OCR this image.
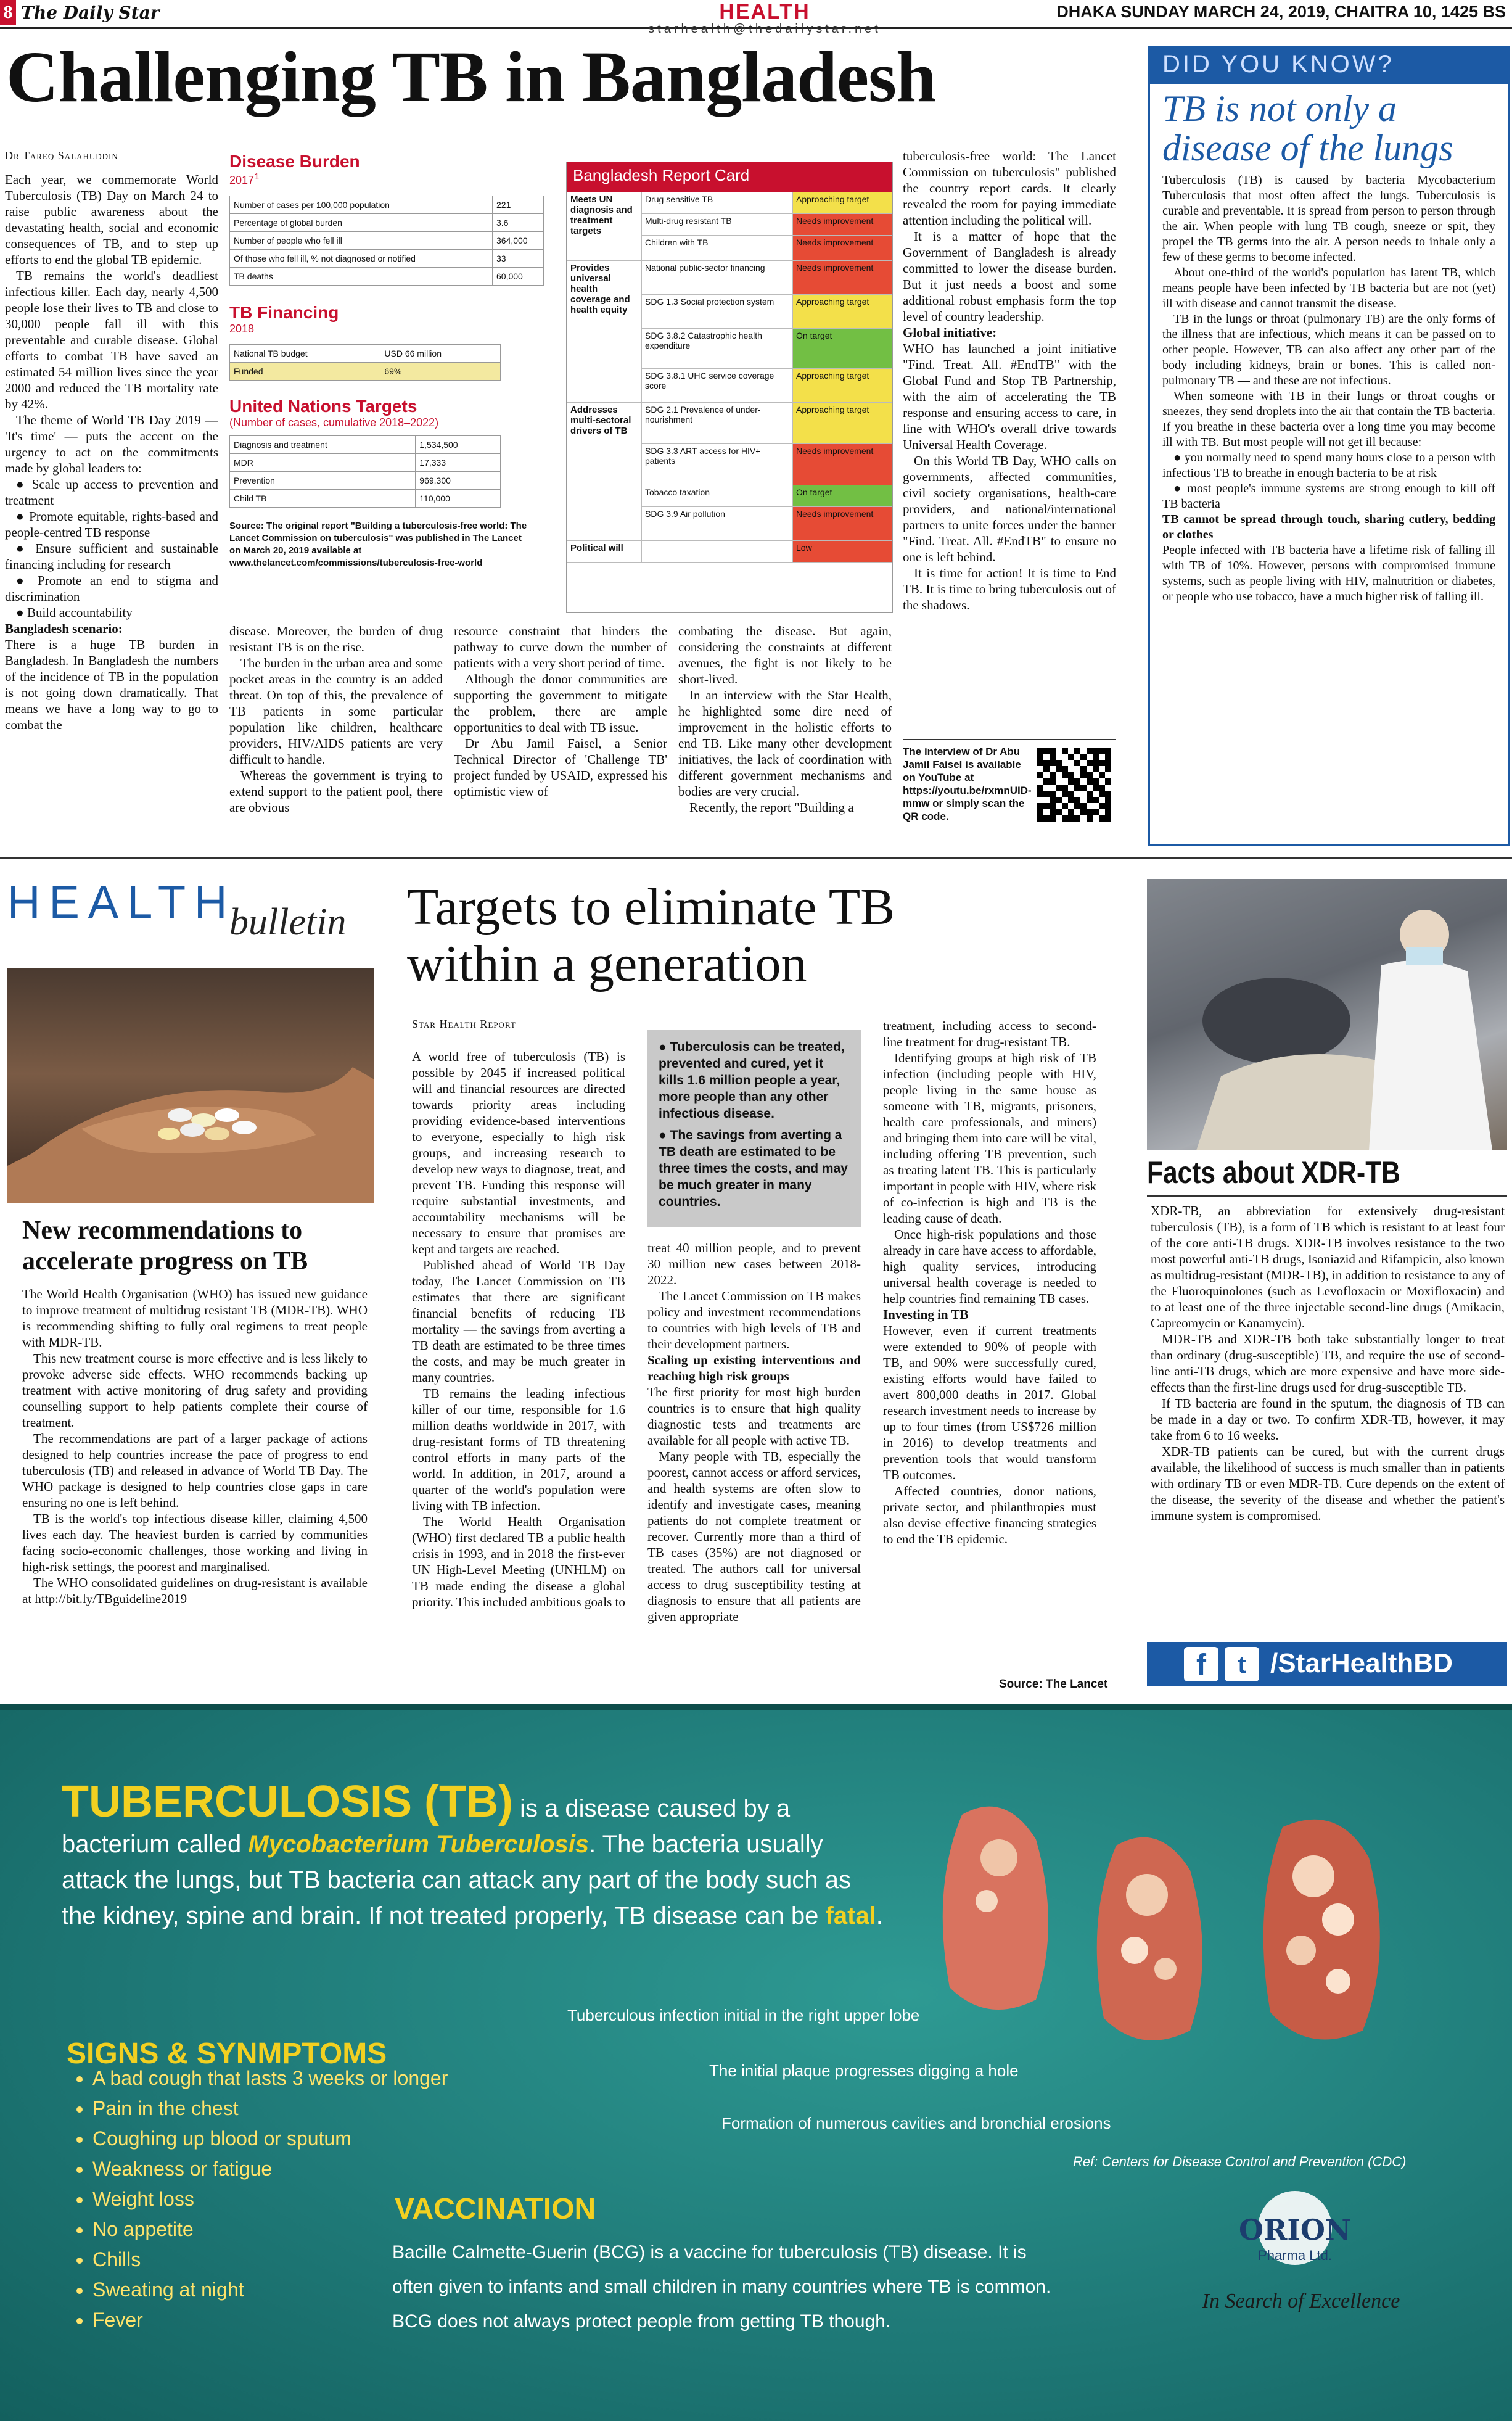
8 The Daily Star	HEALTH
starhealth@thedailystar.net
DHAKA SUNDAY MARCH 24, 2019, CHAITRA 10, 1425 BS
Challenging TB in Bangladesh
Dr Tareq Salahuddin

Each year, we commemorate World Tuberculosis (TB) Day on March 24 to raise public awareness about the devastating health, social and economic consequences of TB, and to step up efforts to end the global TB epidemic.

TB remains the world's deadliest infectious killer. Each day, nearly 4,500 people lose their lives to TB and close to 30,000 people fall ill with this preventable and curable disease. Global efforts to combat TB have saved an estimated 54 million lives since the year 2000 and reduced the TB mortality rate by 42%.

The theme of World TB Day 2019 — 'It's time' — puts the accent on the urgency to act on the commitments made by global leaders to:

● Scale up access to prevention and treatment

● Promote equitable, rights-based and people-centred TB response

● Ensure sufficient and sustainable financing including for research

● Promote an end to stigma and discrimination

● Build accountability

Bangladesh scenario:

There is a huge TB burden in Bangladesh. In Bangladesh the numbers of the incidence of TB in the population is not going down dramatically. That means we have a long way to go to combat the

Disease Burden
2017$^1$
Number of cases per 100,000 population	221
Percentage of global burden	3.6
Number of people who fell ill	364,000
Of those who fell ill, % not diagnosed or notified	33
TB deaths	60,000
TB Financing
2018
National TB budget	USD 66 million
Funded	69%
United Nations Targets
(Number of cases, cumulative 2018–2022)
Diagnosis and treatment	1,534,500
MDR	17,333
Prevention	969,300
Child TB	110,000
Source: The original report "Building a tuberculosis-free world: The Lancet Commission on tuberculosis" was published in The Lancet on March 20, 2019 available at www.thelancet.com/commissions/tuberculosis-free-world
Bangladesh Report Card
Meets UN diagnosis and treatment targets	Drug sensitive TB	Approaching target
	Multi-drug resistant TB	Needs improvement
	Children with TB	Needs improvement
Provides universal health coverage and health equity	National public-sector financing	Needs improvement
	SDG 1.3 Social protection system	Approaching target
	SDG 3.8.2 Catastrophic health expenditure	On target
	SDG 3.8.1 UHC service coverage score	Approaching target
Addresses multi-sectoral drivers of TB	SDG 2.1 Prevalence of under-nourishment	Approaching target
	SDG 3.3 ART access for HIV+ patients	Needs improvement
	Tobacco taxation	On target
	SDG 3.9 Air pollution	Needs improvement
Political will		Low

disease. Moreover, the burden of drug resistant TB is on the rise.

The burden in the urban area and some pocket areas in the country is an added threat. On top of this, the prevalence of TB patients in some particular population like children, healthcare providers, HIV/AIDS patients are very difficult to handle.

Whereas the government is trying to extend support to the patient pool, there are obvious

resource constraint that hinders the pathway to curve down the number of patients with a very short period of time.

Although the donor communities are supporting the government to mitigate the problem, there are ample opportunities to deal with TB issue.

Dr Abu Jamil Faisel, a Senior Technical Director of 'Challenge TB' project funded by USAID, expressed his optimistic view of

combating the disease. But again, considering the constraints at different avenues, the fight is not likely to be short-lived.

In an interview with the Star Health, he highlighted some dire need of improvement in the holistic efforts to end TB. Like many other development initiatives, the lack of coordination with different government mechanisms and bodies are very crucial.

Recently, the report "Building a

tuberculosis-free world: The Lancet Commission on tuberculosis" published the country report cards. It clearly revealed the room for paying immediate attention including the political will.

It is a matter of hope that the Government of Bangladesh is already committed to lower the disease burden. But it just needs a boost and some additional robust emphasis form the top level of country leadership.

Global initiative:

WHO has launched a joint initiative "Find. Treat. All. #EndTB" with the Global Fund and Stop TB Partnership, with the aim of accelerating the TB response and ensuring access to care, in line with WHO's overall drive towards Universal Health Coverage.

On this World TB Day, WHO calls on governments, affected communities, civil society organisations, health-care providers, and national/international partners to unite forces under the banner "Find. Treat. All. #EndTB" to ensure no one is left behind.

It is time for action! It is time to End TB. It is time to bring tuberculosis out of the shadows.

The interview of Dr Abu Jamil Faisel is available on YouTube at https://youtu.be/rxmnUID-mmw or simply scan the QR code.
DID YOU KNOW?
TB is not only a disease of the lungs

Tuberculosis (TB) is caused by bacteria Mycobacterium Tuberculosis that most often affect the lungs. Tuberculosis is curable and preventable. It is spread from person to person through the air. When people with lung TB cough, sneeze or spit, they propel the TB germs into the air. A person needs to inhale only a few of these germs to become infected.

About one-third of the world's population has latent TB, which means people have been infected by TB bacteria but are not (yet) ill with disease and cannot transmit the disease.

TB in the lungs or throat (pulmonary TB) are the only forms of the illness that are infectious, which means it can be passed on to other people. However, TB can also affect any other part of the body including kidneys, brain or bones. This is called non-pulmonary TB — and these are not infectious.

When someone with TB in their lungs or throat coughs or sneezes, they send droplets into the air that contain the TB bacteria. If you breathe in these bacteria over a long time you may become ill with TB. But most people will not get ill because:

● you normally need to spend many hours close to a person with infectious TB to breathe in enough bacteria to be at risk

● most people's immune systems are strong enough to kill off TB bacteria

TB cannot be spread through touch, sharing cutlery, bedding or clothes

People infected with TB bacteria have a lifetime risk of falling ill with TB of 10%. However, persons with compromised immune systems, such as people living with HIV, malnutrition or diabetes, or people who use tobacco, have a much higher risk of falling ill.

HEALTH
bulletin
New recommendations to accelerate progress on TB

The World Health Organisation (WHO) has issued new guidance to improve treatment of multidrug resistant TB (MDR-TB). WHO is recommending shifting to fully oral regimens to treat people with MDR-TB.

This new treatment course is more effective and is less likely to provoke adverse side effects. WHO recommends backing up treatment with active monitoring of drug safety and providing counselling support to help patients complete their course of treatment.

The recommendations are part of a larger package of actions designed to help countries increase the pace of progress to end tuberculosis (TB) and released in advance of World TB Day. The WHO package is designed to help countries close gaps in care ensuring no one is left behind.

TB is the world's top infectious disease killer, claiming 4,500 lives each day. The heaviest burden is carried by communities facing socio-economic challenges, those working and living in high-risk settings, the poorest and marginalised.

The WHO consolidated guidelines on drug-resistant is available at http://bit.ly/TBguideline2019

Targets to eliminate TB within a generation
Star Health Report

A world free of tuberculosis (TB) is possible by 2045 if increased political will and financial resources are directed towards priority areas including providing evidence-based interventions to everyone, especially to high risk groups, and increasing research to develop new ways to diagnose, treat, and prevent TB. Funding this response will require substantial investments, and accountability mechanisms will be necessary to ensure that promises are kept and targets are reached.

Published ahead of World TB Day today, The Lancet Commission on TB estimates that there are significant financial benefits of reducing TB mortality — the savings from averting a TB death are estimated to be three times the costs, and may be much greater in many countries.

TB remains the leading infectious killer of our time, responsible for 1.6 million deaths worldwide in 2017, with drug-resistant forms of TB threatening control efforts in many parts of the world. In addition, in 2017, around a quarter of the world's population were living with TB infection.

The World Health Organisation (WHO) first declared TB a public health crisis in 1993, and in 2018 the first-ever UN High-Level Meeting (UNHLM) on TB made ending the disease a global priority. This included ambitious goals to

● Tuberculosis can be treated, prevented and cured, yet it kills 1.6 million people a year, more people than any other infectious disease.
● The savings from averting a TB death are estimated to be three times the costs, and may be much greater in many countries.

treat 40 million people, and to prevent 30 million new cases between 2018-2022.

The Lancet Commission on TB makes policy and investment recommendations to countries with high levels of TB and their development partners.

Scaling up existing interventions and reaching high risk groups

The first priority for most high burden countries is to ensure that high quality diagnostic tests and treatments are available for all people with active TB.

Many people with TB, especially the poorest, cannot access or afford services, and health systems are often slow to identify and investigate cases, meaning patients do not complete treatment or recover. Currently more than a third of TB cases (35%) are not diagnosed or treated. The authors call for universal access to drug susceptibility testing at diagnosis to ensure that all patients are given appropriate

treatment, including access to second-line treatment for drug-resistant TB.

Identifying groups at high risk of TB infection (including people with HIV, people living in the same house as someone with TB, migrants, prisoners, health care professionals, and miners) and bringing them into care will be vital, including offering TB prevention, such as treating latent TB. This is particularly important in people with HIV, where risk of co-infection is high and TB is the leading cause of death.

Once high-risk populations and those already in care have access to affordable, high quality services, introducing universal health coverage is needed to help countries find remaining TB cases.

Investing in TB

However, even if current treatments were extended to 90% of people with TB, and 90% were successfully cured, existing efforts would have failed to avert 800,000 deaths in 2017. Global research investment needs to increase by up to four times (from US$726 million in 2016) to develop treatments and prevention tools that would transform TB outcomes.

Affected countries, donor nations, private sector, and philanthropies must also devise effective financing strategies to end the TB epidemic.

Source: The Lancet
Facts about XDR-TB

XDR-TB, an abbreviation for extensively drug-resistant tuberculosis (TB), is a form of TB which is resistant to at least four of the core anti-TB drugs. XDR-TB involves resistance to the two most powerful anti-TB drugs, Isoniazid and Rifampicin, also known as multidrug-resistant (MDR-TB), in addition to resistance to any of the Fluoroquinolones (such as Levofloxacin or Moxifloxacin) and to at least one of the three injectable second-line drugs (Amikacin, Capreomycin or Kanamycin).

MDR-TB and XDR-TB both take substantially longer to treat than ordinary (drug-susceptible) TB, and require the use of second-line anti-TB drugs, which are more expensive and have more side-effects than the first-line drugs used for drug-susceptible TB.

If TB bacteria are found in the sputum, the diagnosis of TB can be made in a day or two. To confirm XDR-TB, however, it may take from 6 to 16 weeks.

XDR-TB patients can be cured, but with the current drugs available, the likelihood of success is much smaller than in patients with ordinary TB or even MDR-TB. Cure depends on the extent of the disease, the severity of the disease and whether the patient's immune system is compromised.

f	t /StarHealthBD
TUBERCULOSIS (TB) is a disease caused by a bacterium called Mycobacterium Tuberculosis. The bacteria usually attack the lungs, but TB bacteria can attack any part of the body such as the kidney, spine and brain. If not treated properly, TB disease can be fatal.
SIGNS & SYNMPTOMS
• A bad cough that lasts 3 weeks or longer
• Pain in the chest
• Coughing up blood or sputum
• Weakness or fatigue
• Weight loss
• No appetite
• Chills
• Sweating at night
• Fever
Tuberculous infection initial in the right upper lobe
The initial plaque progresses digging a hole
Formation of numerous cavities and bronchial erosions
Ref: Centers for Disease Control and Prevention (CDC)
VACCINATION
Bacille Calmette-Guerin (BCG) is a vaccine for tuberculosis (TB) disease. It is often given to infants and small children in many countries where TB is common. BCG does not always protect people from getting TB though.
ORION
Pharma Ltd.
In Search of Excellence
